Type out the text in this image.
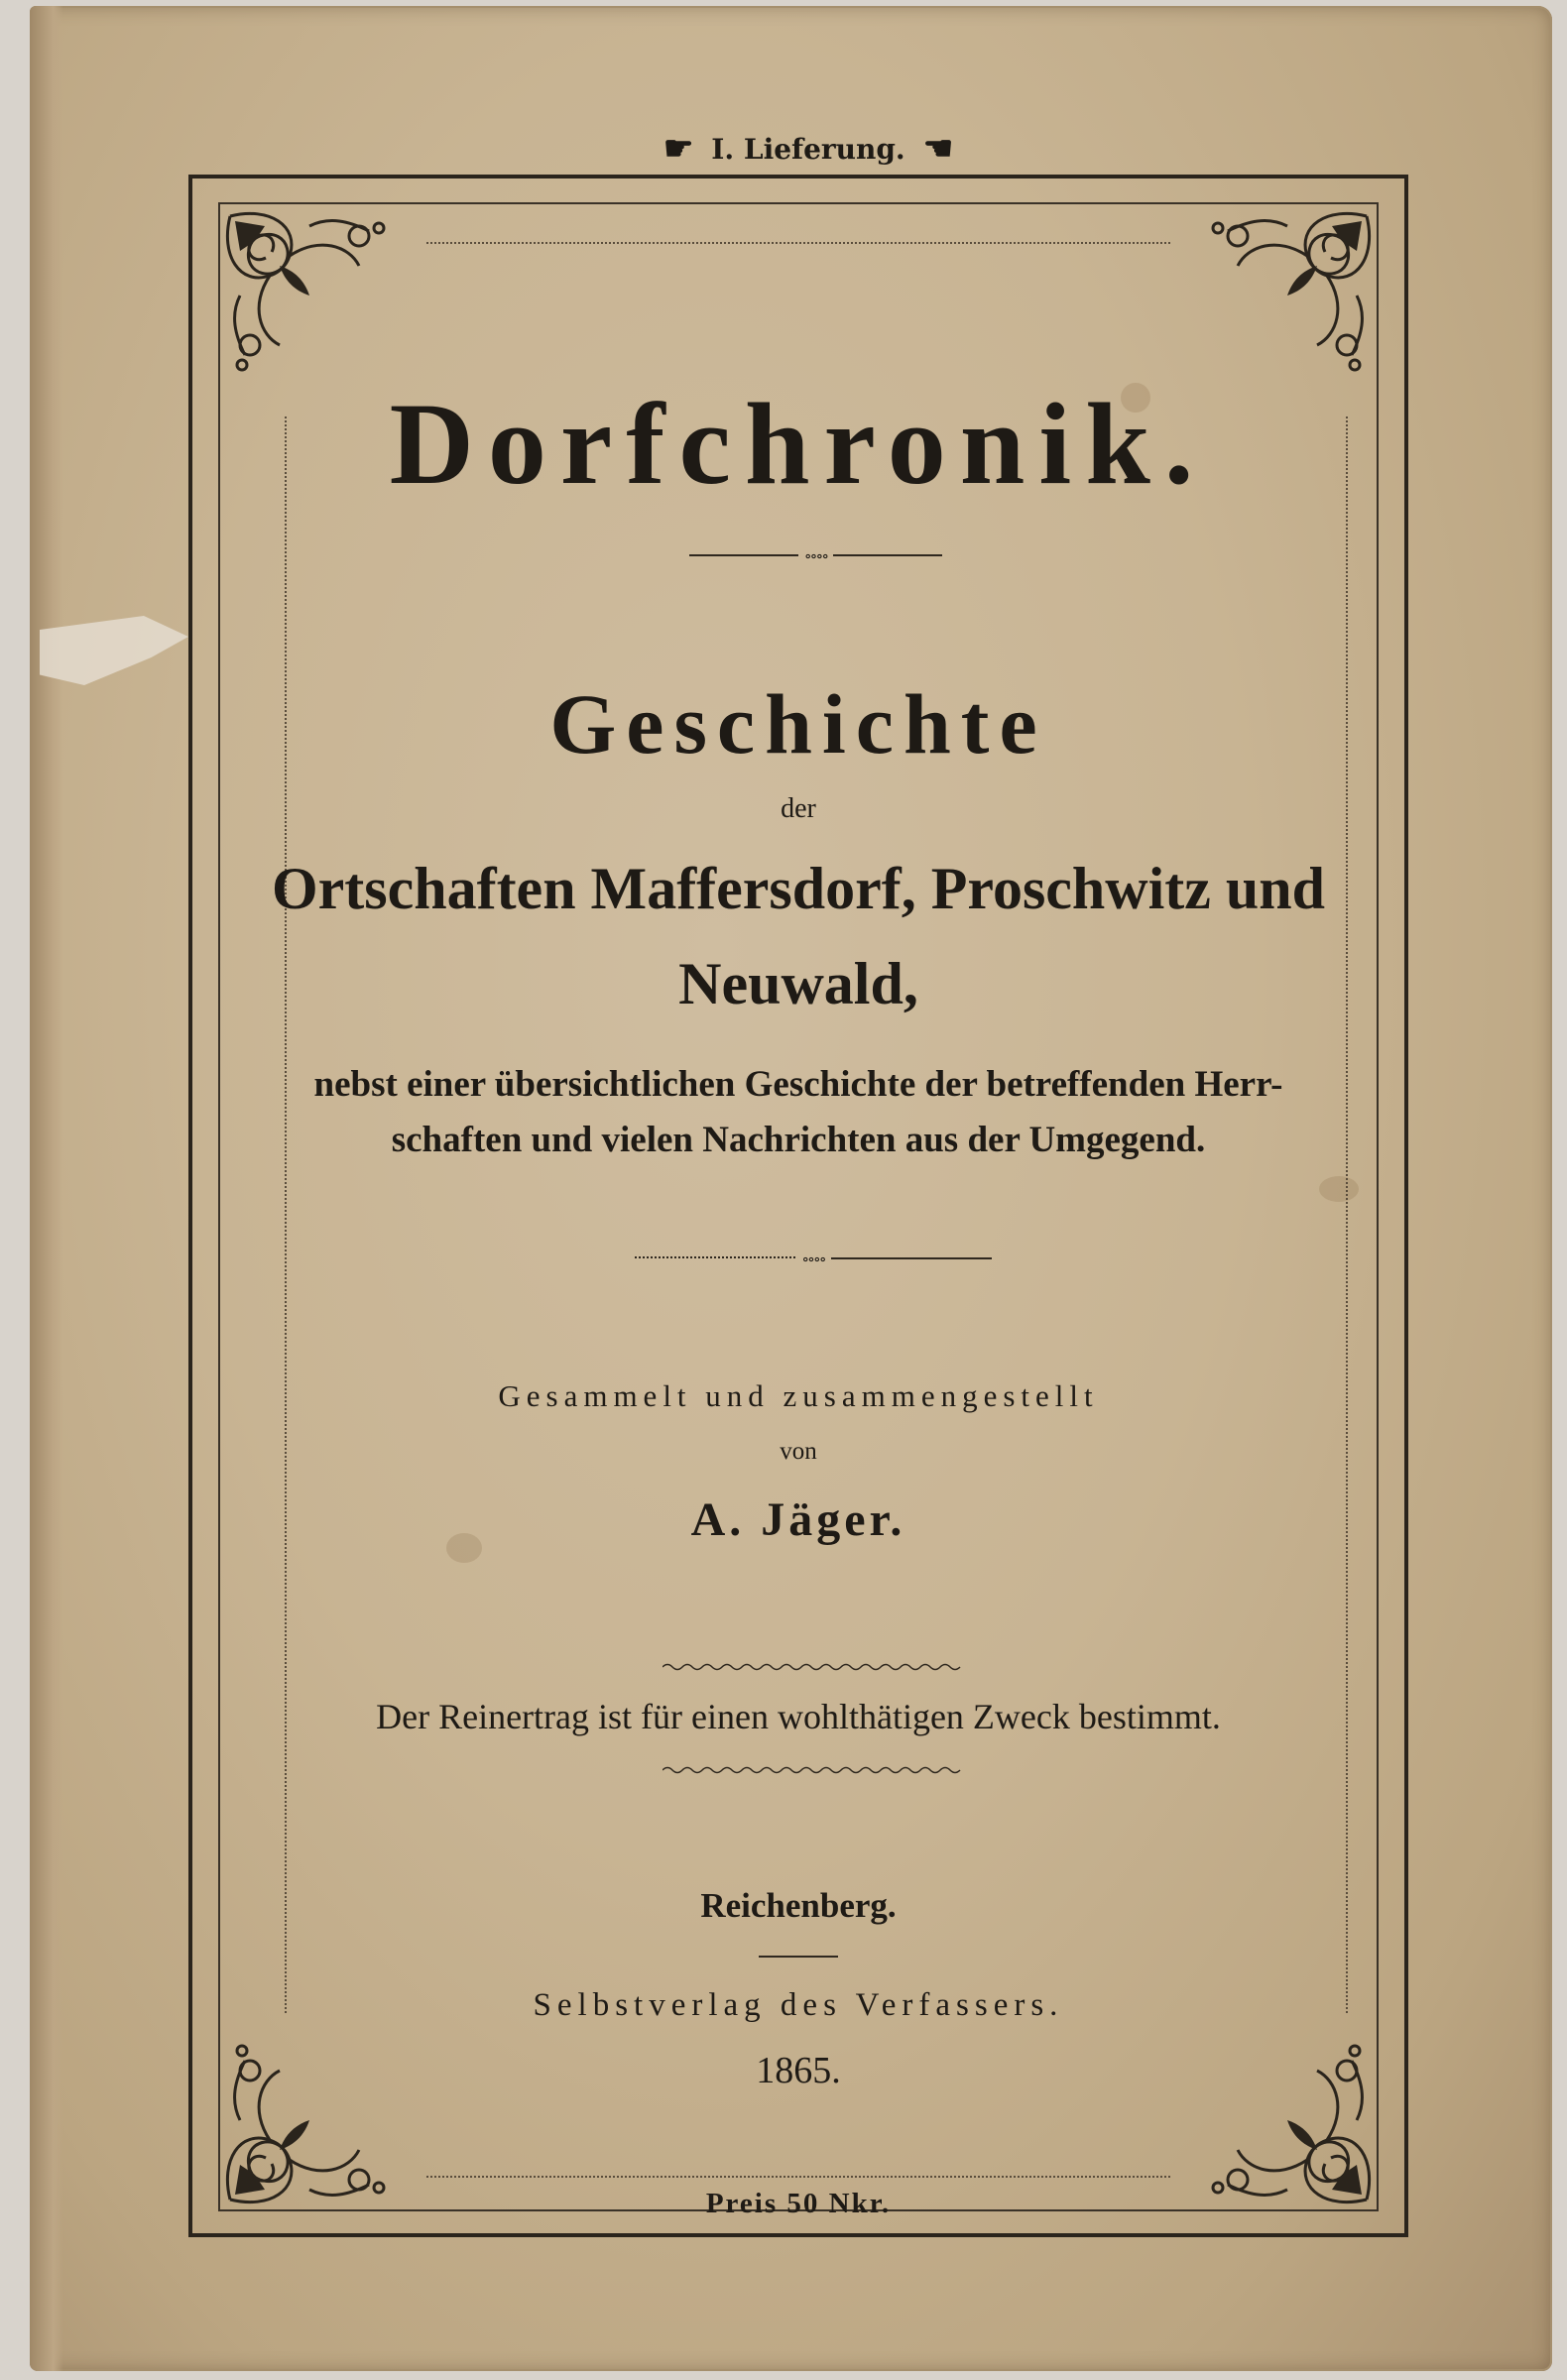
☛ I. Lieferung. ☚
Dorfchronik.
∘∘∘∘
Geschichte
der
Ortschaften Maffersdorf, Proschwitz und
Neuwald,
nebst einer übersichtlichen Geschichte der betreffenden Herr-
schaften und vielen Nachrichten aus der Umgegend.
∘∘∘∘
Gesammelt und zusammengestellt
von
A. Jäger.
Der Reinertrag ist für einen wohlthätigen Zweck bestimmt.
Reichenberg.
Selbstverlag des Verfassers.
1865.
Preis 50 Nkr.
